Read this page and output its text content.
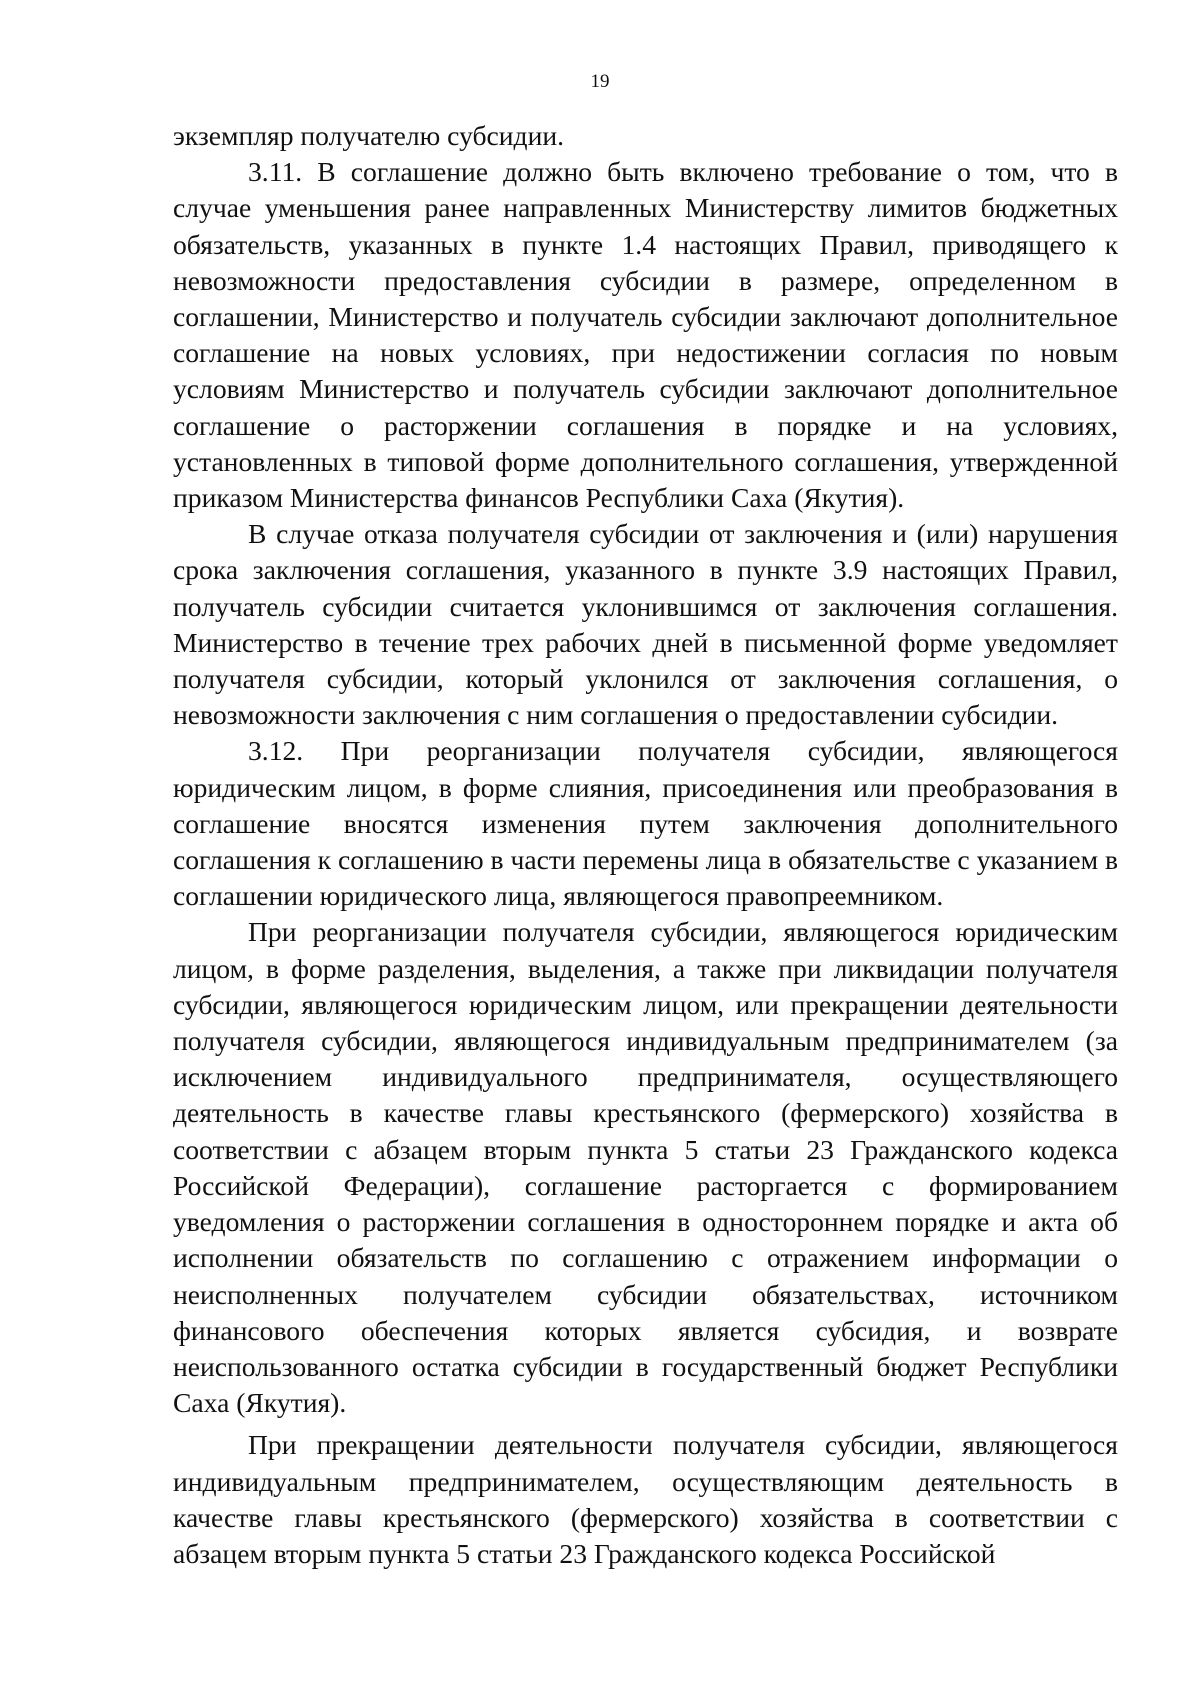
19

экземпляр получателю субсидии.

3.11. В соглашение должно быть включено требование о том, что в случае уменьшения ранее направленных Министерству лимитов бюджетных обязательств, указанных в пункте 1.4 настоящих Правил, приводящего к невозможности предоставления субсидии в размере, определенном в соглашении, Министерство и получатель субсидии заключают дополнительное соглашение на новых условиях, при недостижении согласия по новым условиям Министерство и получатель субсидии заключают дополнительное соглашение о расторжении соглашения в порядке и на условиях, установленных в типовой форме дополнительного соглашения, утвержденной приказом Министерства финансов Республики Саха (Якутия).

В случае отказа получателя субсидии от заключения и (или) нарушения срока заключения соглашения, указанного в пункте 3.9 настоящих Правил, получатель субсидии считается уклонившимся от заключения соглашения. Министерство в течение трех рабочих дней в письменной форме уведомляет получателя субсидии, который уклонился от заключения соглашения, о невозможности заключения с ним соглашения о предоставлении субсидии.

3.12. При реорганизации получателя субсидии, являющегося юридическим лицом, в форме слияния, присоединения или преобразования в соглашение вносятся изменения путем заключения дополнительного соглашения к соглашению в части перемены лица в обязательстве с указанием в соглашении юридического лица, являющегося правопреемником.

При реорганизации получателя субсидии, являющегося юридическим лицом, в форме разделения, выделения, а также при ликвидации получателя субсидии, являющегося юридическим лицом, или прекращении деятельности получателя субсидии, являющегося индивидуальным предпринимателем (за исключением индивидуального предпринимателя, осуществляющего деятельность в качестве главы крестьянского (фермерского) хозяйства в соответствии с абзацем вторым пункта 5 статьи 23 Гражданского кодекса Российской Федерации), соглашение расторгается с формированием уведомления о расторжении соглашения в одностороннем порядке и акта об исполнении обязательств по соглашению с отражением информации о неисполненных получателем субсидии обязательствах, источником финансового обеспечения которых является субсидия, и возврате неиспользованного остатка субсидии в государственный бюджет Республики Саха (Якутия).

При прекращении деятельности получателя субсидии, являющегося индивидуальным предпринимателем, осуществляющим деятельность в качестве главы крестьянского (фермерского) хозяйства в соответствии с абзацем вторым пункта 5 статьи 23 Гражданского кодекса Российской
